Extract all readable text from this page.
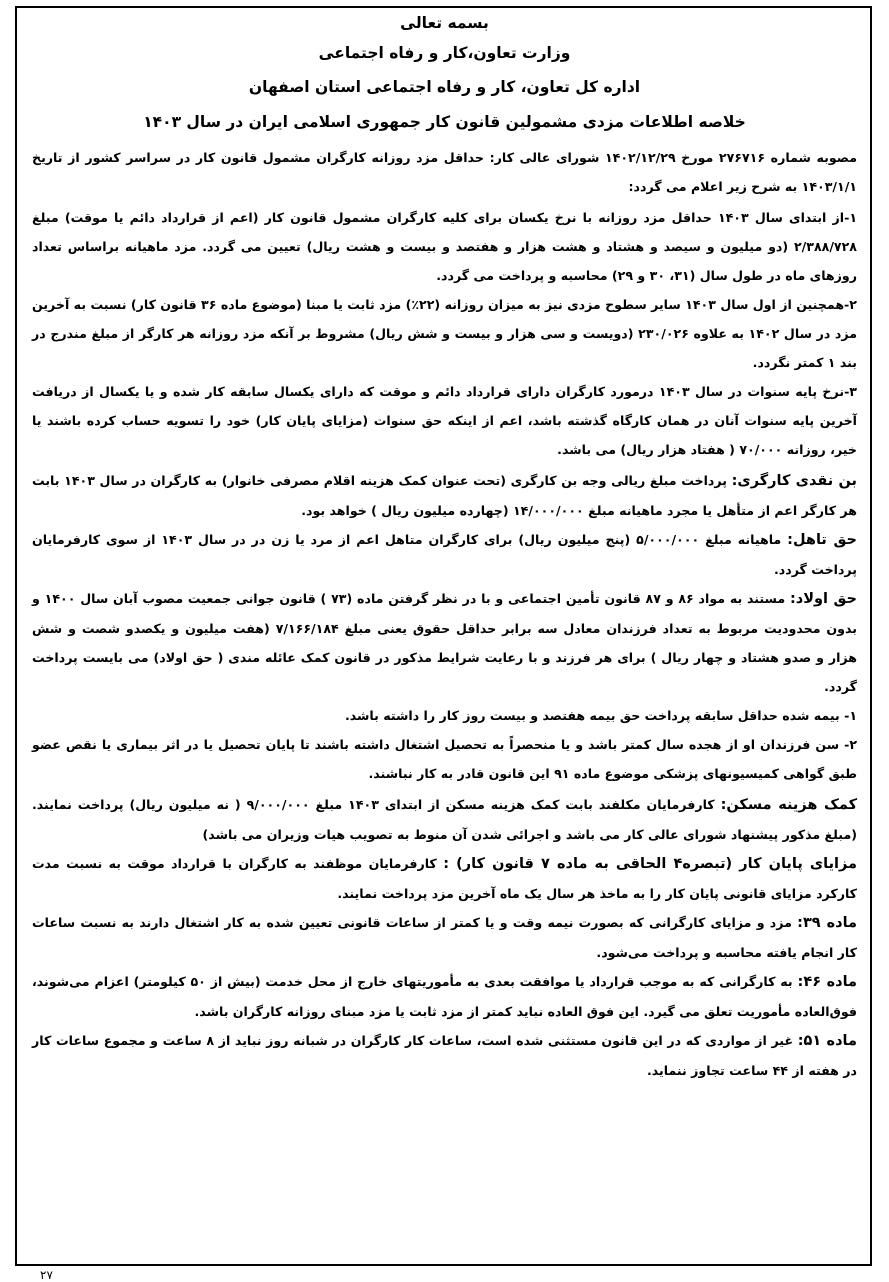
بسمه تعالی
وزارت تعاون،کار و رفاه اجتماعی
اداره کل تعاون، کار و رفاه اجتماعی استان اصفهان
خلاصه اطلاعات مزدی مشمولین قانون کار جمهوری اسلامی ایران در سال ۱۴۰۳

مصوبه شماره ۲۷۶۷۱۶ مورخ ۱۴۰۲/۱۲/۲۹ شورای عالی کار: حداقل مزد روزانه کارگران مشمول قانون کار در سراسر کشور از تاریخ ۱۴۰۳/۱/۱ به شرح زیر اعلام می گردد:

۱-از ابتدای سال ۱۴۰۳ حداقل مزد روزانه با نرخ یکسان برای کلیه کارگران مشمول قانون کار (اعم از قرارداد دائم یا موقت) مبلغ ۲/۳۸۸/۷۲۸ (دو میلیون و سیصد و هشتاد و هشت هزار و هفتصد و بیست و هشت ریال) تعیین می گردد. مزد ماهیانه براساس تعداد روزهای ماه در طول سال (۳۱، ۳۰ و ۲۹) محاسبه و پرداخت می گردد.

۲-همچنین از اول سال ۱۴۰۳ سایر سطوح مزدی نیز به میزان روزانه (۲۲٪) مزد ثابت یا مبنا (موضوع ماده ۳۶ قانون کار) نسبت به آخرین مزد در سال ۱۴۰۲ به علاوه ۲۳۰/۰۲۶ (دویست و سی هزار و بیست و شش ریال) مشروط بر آنکه مزد روزانه هر کارگر از مبلغ مندرج در بند ۱ کمتر نگردد.

۳-نرخ پایه سنوات در سال ۱۴۰۳ درمورد کارگران دارای قرارداد دائم و موقت که دارای یکسال سابقه کار شده و یا یکسال از دریافت آخرین پایه سنوات آنان در همان کارگاه گذشته باشد، اعم از اینکه حق سنوات (مزایای پایان کار) خود را تسویه حساب کرده باشند یا خیر، روزانه ۷۰/۰۰۰ ( هفتاد هزار ریال) می باشد.

بن نقدی کارگری: پرداخت مبلغ ریالی وجه بن کارگری (تحت عنوان کمک هزینه اقلام مصرفی خانوار) به کارگران در سال ۱۴۰۳ بابت هر کارگر اعم از متأهل یا مجرد ماهیانه مبلغ ۱۴/۰۰۰/۰۰۰ (چهارده میلیون ریال ) خواهد بود.

حق تاهل: ماهیانه مبلغ ۵/۰۰۰/۰۰۰ (پنج میلیون ریال) برای کارگران متاهل اعم از مرد یا زن در در سال ۱۴۰۳ از سوی کارفرمایان پرداخت گردد.

حق اولاد: مستند به مواد ۸۶ و ۸۷ قانون تأمین اجتماعی و با در نظر گرفتن ماده (۷۳ ) قانون جوانی جمعیت مصوب آبان سال ۱۴۰۰ و بدون محدودیت مربوط به تعداد فرزندان معادل سه برابر حداقل حقوق یعنی مبلغ ۷/۱۶۶/۱۸۴ (هفت میلیون و یکصدو شصت و شش هزار و صدو هشتاد و چهار ریال ) برای هر فرزند و با رعایت شرایط مذکور در قانون کمک عائله مندی ( حق اولاد) می بایست پرداخت گردد.

۱- بیمه شده حداقل سابقه پرداخت حق بیمه هفتصد و بیست روز کار را داشته باشد.

۲- سن فرزندان او از هجده سال کمتر باشد و یا منحصراً به تحصیل اشتغال داشته باشند تا پایان تحصیل یا در اثر بیماری یا نقص عضو طبق گواهی کمیسیونهای پزشکی موضوع ماده ۹۱ این قانون قادر به کار نباشند.

کمک هزینه مسکن: کارفرمایان مکلفند بابت کمک هزینه مسکن از ابتدای ۱۴۰۳ مبلغ ۹/۰۰۰/۰۰۰ ( نه میلیون ریال) پرداخت نمایند. (مبلغ مذکور پیشنهاد شورای عالی کار می باشد و اجرائی شدن آن منوط به تصویب هیات وزیران می باشد)

مزایای پایان کار (تبصره۴ الحاقی به ماده ۷ قانون کار) : کارفرمایان موظفند به کارگران با قرارداد موقت به نسبت مدت کارکرد مزایای قانونی پایان کار را به ماخذ هر سال یک ماه آخرین مزد پرداخت نمایند.

ماده ۳۹: مزد و مزایای کارگرانی که بصورت نیمه وقت و یا کمتر از ساعات قانونی تعیین شده به کار اشتغال دارند به نسبت ساعات کار انجام یافته محاسبه و پرداخت می‌شود.

ماده ۴۶: به کارگرانی که به موجب قرارداد یا موافقت بعدی به مأموریتهای خارج از محل خدمت (بیش از ۵۰ کیلومتر) اعزام می‌شوند، فوق‌العاده مأموریت تعلق می گیرد. این فوق العاده نباید کمتر از مزد ثابت یا مزد مبنای روزانه کارگران باشد.

ماده ۵۱: غیر از مواردی که در این قانون مستثنی شده است، ساعات کار کارگران در شبانه روز نباید از ۸ ساعت و مجموع ساعات کار در هفته از ۴۴ ساعت تجاوز ننماید.

۲۷
